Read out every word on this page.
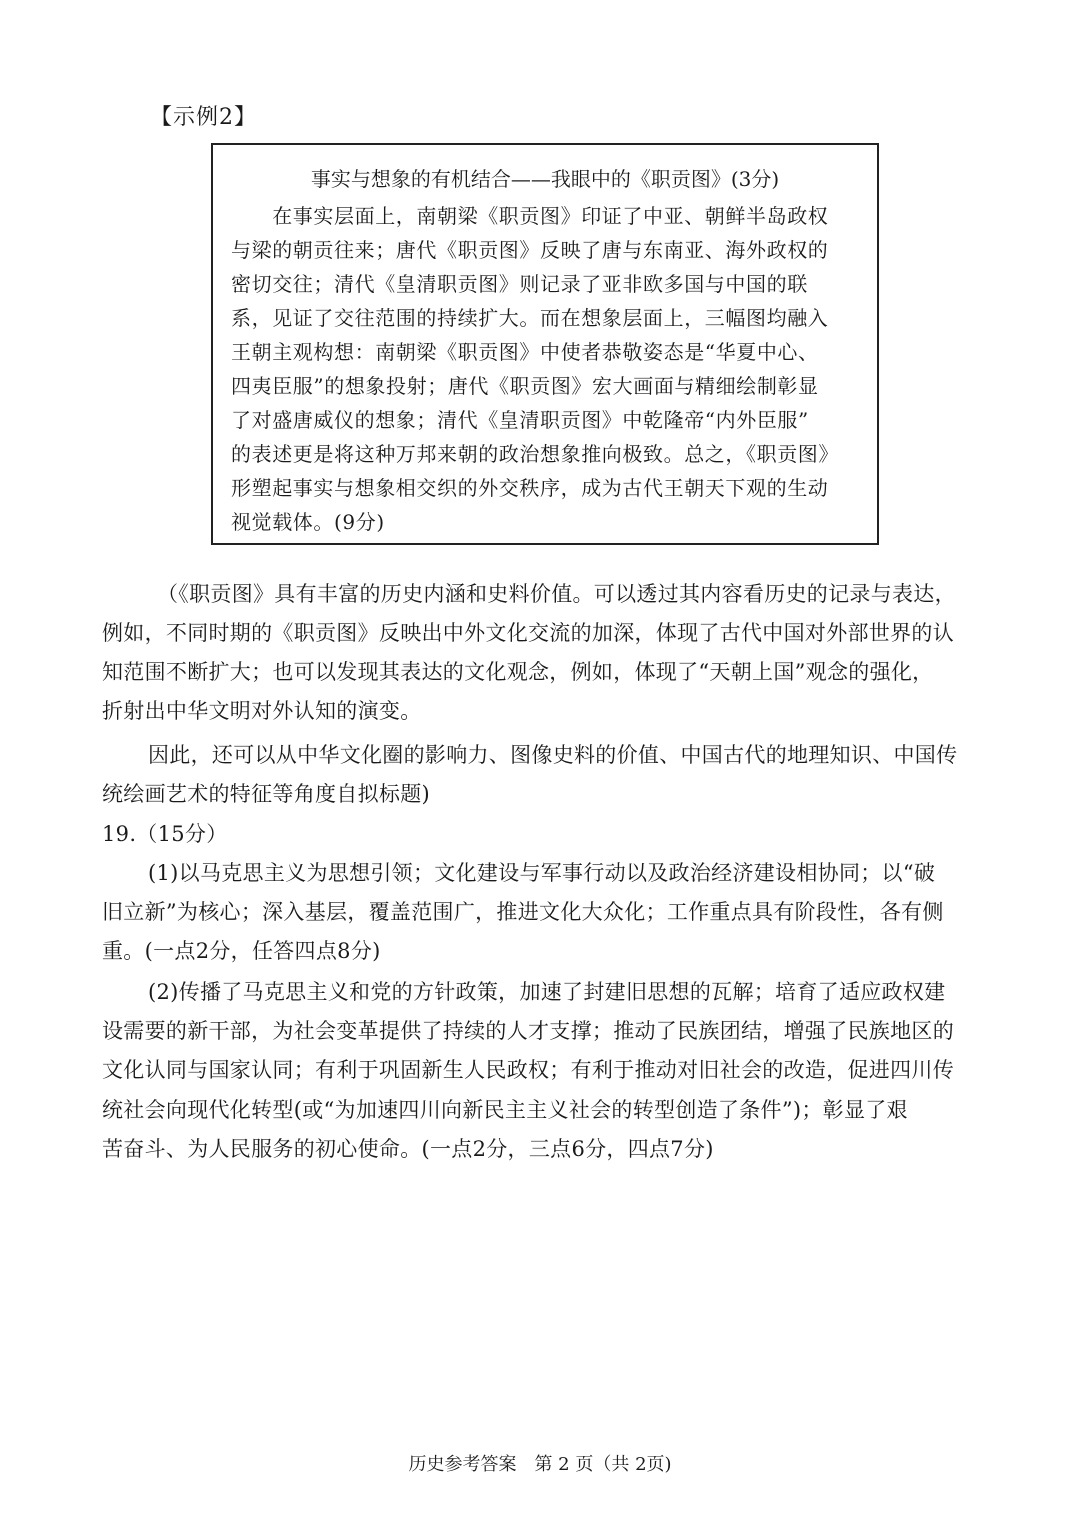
【示例2】
事实与想象的有机结合——我眼中的《职贡图》(3分)
　　在事实层面上，南朝梁《职贡图》印证了中亚、朝鲜半岛政权
与梁的朝贡往来；唐代《职贡图》反映了唐与东南亚、海外政权的
密切交往；清代《皇清职贡图》则记录了亚非欧多国与中国的联
系，见证了交往范围的持续扩大。而在想象层面上，三幅图均融入
王朝主观构想：南朝梁《职贡图》中使者恭敬姿态是“华夏中心、
四夷臣服”的想象投射；唐代《职贡图》宏大画面与精细绘制彰显
了对盛唐威仪的想象；清代《皇清职贡图》中乾隆帝“内外臣服”
的表述更是将这种万邦来朝的政治想象推向极致。总之，《职贡图》
形塑起事实与想象相交织的外交秩序，成为古代王朝天下观的生动
视觉载体。(9分)
（《职贡图》具有丰富的历史内涵和史料价值。可以透过其内容看历史的记录与表达，
例如，不同时期的《职贡图》反映出中外文化交流的加深，体现了古代中国对外部世界的认
知范围不断扩大；也可以发现其表达的文化观念，例如，体现了“天朝上国”观念的强化，
折射出中华文明对外认知的演变。
因此，还可以从中华文化圈的影响力、图像史料的价值、中国古代的地理知识、中国传
统绘画艺术的特征等角度自拟标题)
19.（15分）
(1)以马克思主义为思想引领；文化建设与军事行动以及政治经济建设相协同；以“破
旧立新”为核心；深入基层，覆盖范围广，推进文化大众化；工作重点具有阶段性，各有侧
重。(一点2分，任答四点8分)
(2)传播了马克思主义和党的方针政策，加速了封建旧思想的瓦解；培育了适应政权建
设需要的新干部，为社会变革提供了持续的人才支撑；推动了民族团结，增强了民族地区的
文化认同与国家认同；有利于巩固新生人民政权；有利于推动对旧社会的改造，促进四川传
统社会向现代化转型(或“为加速四川向新民主主义社会的转型创造了条件”)；彰显了艰
苦奋斗、为人民服务的初心使命。(一点2分，三点6分，四点7分)
历史参考答案　第 2 页（共 2页)
